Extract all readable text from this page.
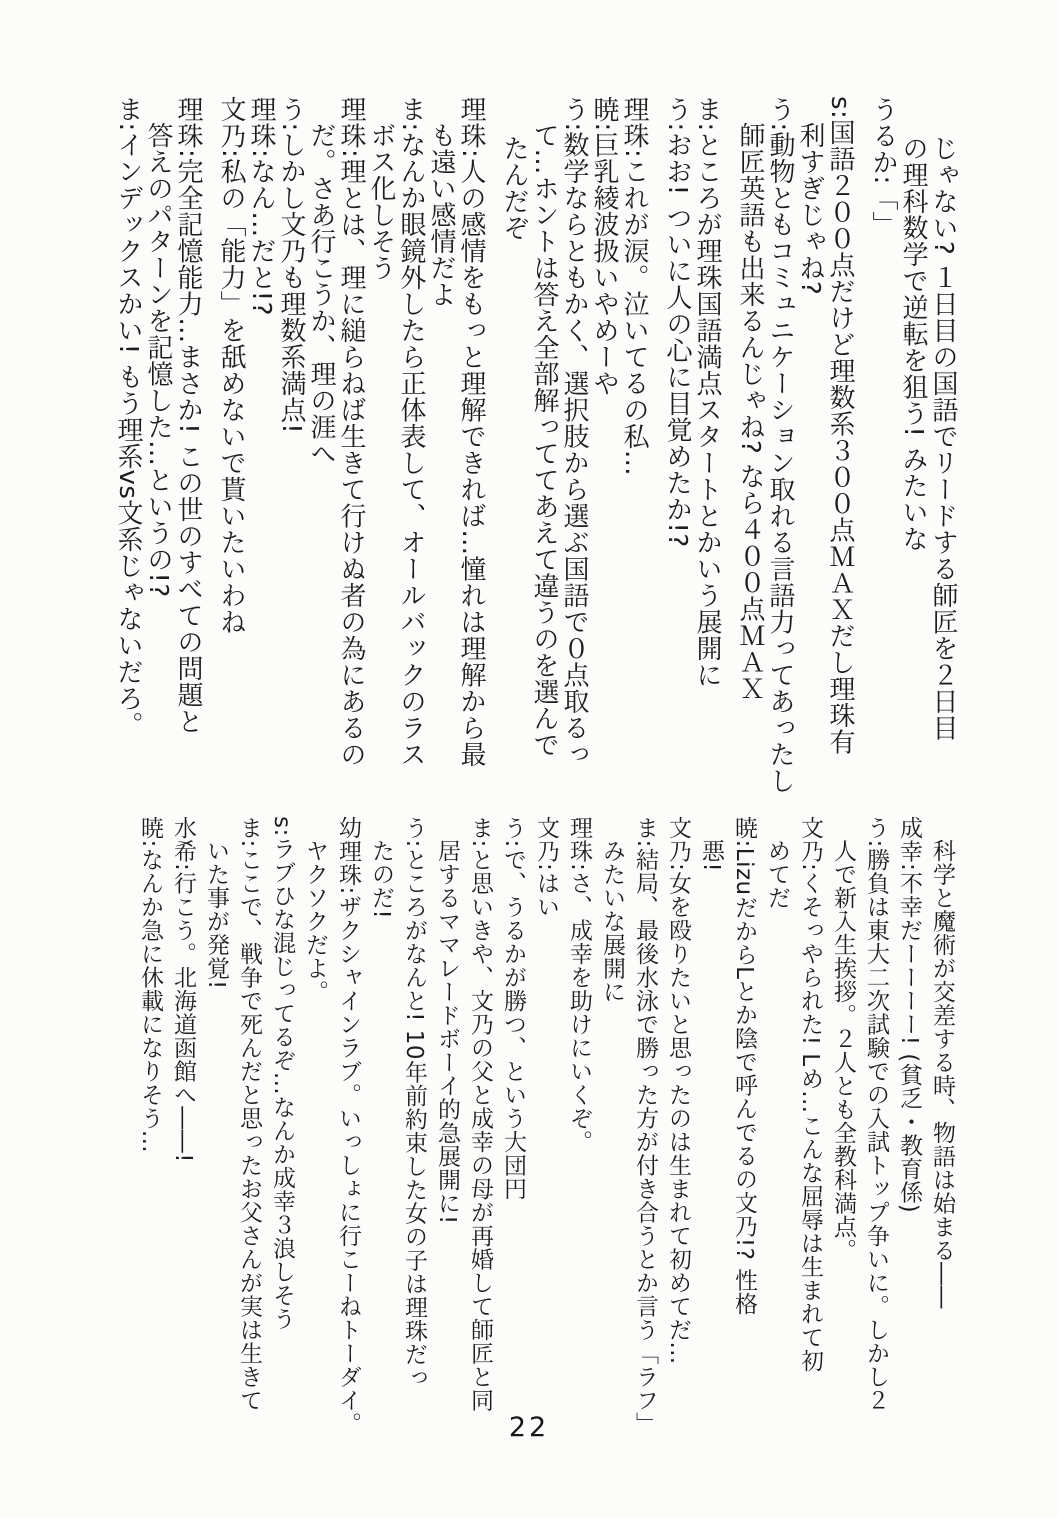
じゃない? １日目の国語でリードする師匠を２日目

の理科数学で逆転を狙う! みたいな

うるか:「」

s:国語２００点だけど理数系３００点ＭＡＸだし理珠有

利すぎじゃね?

う:動物ともコミュニケーション取れる言語力ってあったし

師匠英語も出来るんじゃね? なら４００点ＭＡＸ

ま:ところが理珠国語満点スタートとかいう展開に

う:おお! ついに人の心に目覚めたか!?

理珠:これが涙。泣いてるの私…

暁:巨乳綾波扱いやめーや

う:数学ならともかく、選択肢から選ぶ国語で０点取るっ

て…ホントは答え全部解っててあえて違うのを選んで

たんだぞ

理珠:人の感情をもっと理解できれば…憧れは理解から最

も遠い感情だよ

ま:なんか眼鏡外したら正体表して、オールバックのラス

ボス化しそう

理珠:理とは、理に縋らねば生きて行けぬ者の為にあるの

だ。さあ行こうか、理の涯へ

う:しかし文乃も理数系満点!

理珠:なん…だと!?

文乃:私の「能力」を舐めないで貰いたいわね

理珠:完全記憶能力…まさか! この世のすべての問題と

答えのパターンを記憶した…というの!?

ま:インデックスかい! もう理系vs文系じゃないだろ。

科学と魔術が交差する時、物語は始まる――

成幸:不幸だーーーー! (貧乏・教育係)

う:勝負は東大二次試験での入試トップ争いに。しかし２

人で新入生挨拶。２人とも全教科満点。

文乃:くそっやられた! Lめ…こんな屈辱は生まれて初

めてだ

暁:LizuだからLとか陰で呼んでるの文乃!? 性格

悪!

文乃:女を殴りたいと思ったのは生まれて初めてだ…

ま:結局、最後水泳で勝った方が付き合うとか言う「ラフ」

みたいな展開に

理珠:さ、成幸を助けにいくぞ。

文乃:はい

う:で、うるかが勝つ、という大団円

ま:と思いきや、文乃の父と成幸の母が再婚して師匠と同

居するママレードボーイ的急展開に!

う:ところがなんと! 10年前約束した女の子は理珠だっ

たのだ!

幼理珠:ザクシャインラブ。いっしょに行こーねトーダイ。

ヤクソクだよ。

s:ラブひな混じってるぞ…なんか成幸３浪しそう

ま:ここで、戦争で死んだと思ったお父さんが実は生きて

いた事が発覚!

水希:行こう。北海道函館へ――!

暁:なんか急に休載になりそう…

22
